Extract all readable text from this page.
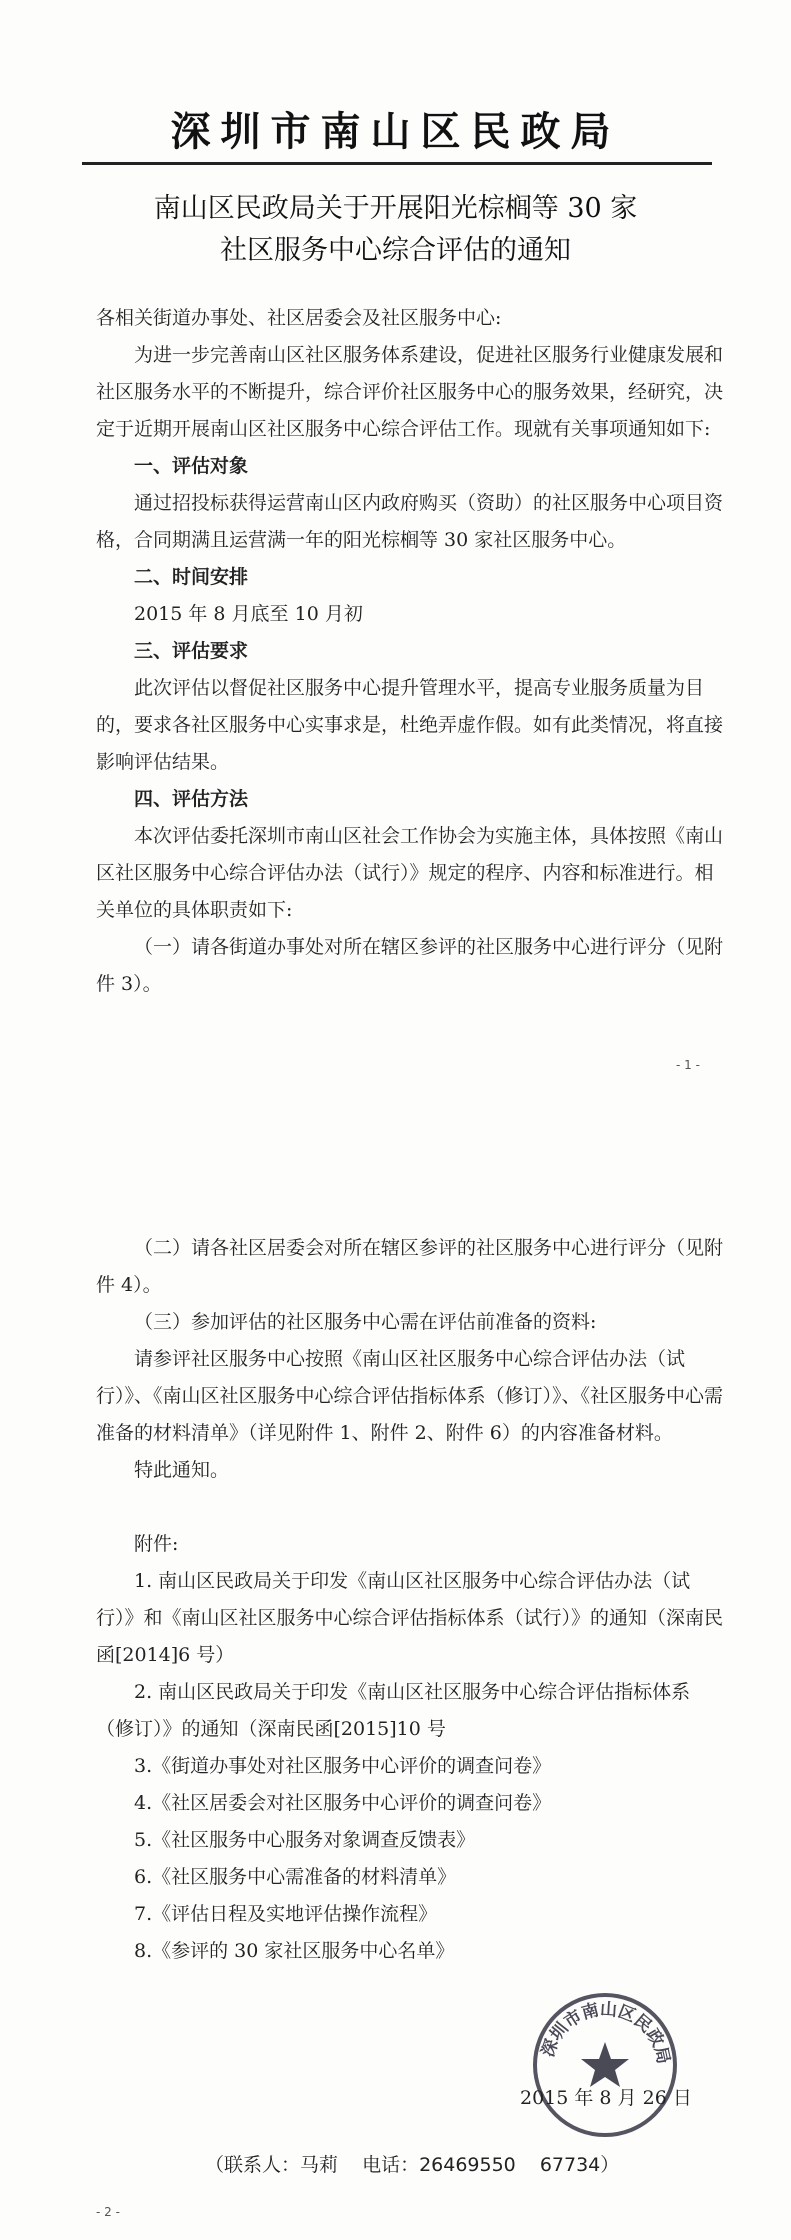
深圳市南山区民政局
南山区民政局关于开展阳光棕榈等 30 家
社区服务中心综合评估的通知

各相关街道办事处、社区居委会及社区服务中心:

为进一步完善南山区社区服务体系建设，促进社区服务行业健康发展和社区服务水平的不断提升，综合评价社区服务中心的服务效果，经研究，决定于近期开展南山区社区服务中心综合评估工作。现就有关事项通知如下:

一、评估对象

通过招投标获得运营南山区内政府购买（资助）的社区服务中心项目资格，合同期满且运营满一年的阳光棕榈等 30 家社区服务中心。

二、时间安排

2015 年 8 月底至 10 月初

三、评估要求

此次评估以督促社区服务中心提升管理水平，提高专业服务质量为目的，要求各社区服务中心实事求是，杜绝弄虚作假。如有此类情况，将直接影响评估结果。

四、评估方法

本次评估委托深圳市南山区社会工作协会为实施主体，具体按照《南山区社区服务中心综合评估办法（试行）》规定的程序、内容和标准进行。相关单位的具体职责如下:

（一）请各街道办事处对所在辖区参评的社区服务中心进行评分（见附件 3）。

- 1 -

（二）请各社区居委会对所在辖区参评的社区服务中心进行评分（见附件 4）。

（三）参加评估的社区服务中心需在评估前准备的资料:

请参评社区服务中心按照《南山区社区服务中心综合评估办法（试行）》、《南山区社区服务中心综合评估指标体系（修订）》、《社区服务中心需准备的材料清单》（详见附件 1、附件 2、附件 6）的内容准备材料。

特此通知。

附件:

1. 南山区民政局关于印发《南山区社区服务中心综合评估办法（试行）》和《南山区社区服务中心综合评估指标体系（试行）》的通知（深南民函[2014]6 号）

2. 南山区民政局关于印发《南山区社区服务中心综合评估指标体系（修订）》的通知（深南民函[2015]10 号

3.《街道办事处对社区服务中心评价的调查问卷》

4.《社区居委会对社区服务中心评价的调查问卷》

5.《社区服务中心服务对象调查反馈表》

6.《社区服务中心需准备的材料清单》

7.《评估日程及实地评估操作流程》

8.《参评的 30 家社区服务中心名单》

深圳市南山区民政局
2015 年 8 月 26 日
（联系人：马莉 电话：26469550 67734）
- 2 -
